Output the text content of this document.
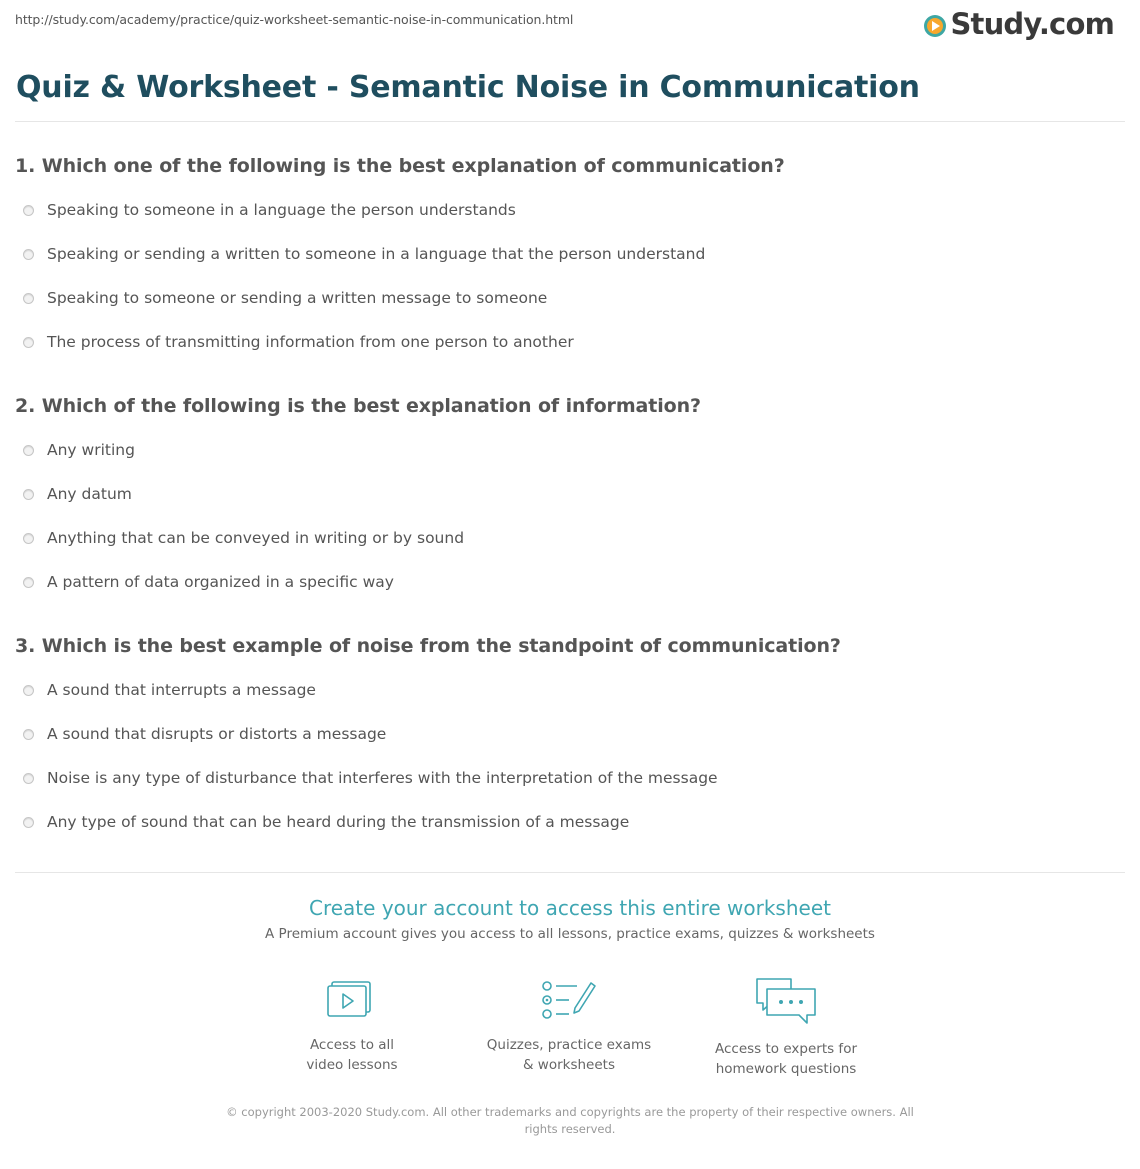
http://study.com/academy/practice/quiz-worksheet-semantic-noise-in-communication.html	Study.com
Quiz & Worksheet - Semantic Noise in Communication
1. Which one of the following is the best explanation of communication?
Speaking to someone in a language the person understands
Speaking or sending a written to someone in a language that the person understand
Speaking to someone or sending a written message to someone
The process of transmitting information from one person to another
2. Which of the following is the best explanation of information?
Any writing
Any datum
Anything that can be conveyed in writing or by sound
A pattern of data organized in a specific way
3. Which is the best example of noise from the standpoint of communication?
A sound that interrupts a message
A sound that disrupts or distorts a message
Noise is any type of disturbance that interferes with the interpretation of the message
Any type of sound that can be heard during the transmission of a message
Create your account to access this entire worksheet
A Premium account gives you access to all lessons, practice exams, quizzes & worksheets
Access to all
video lessons
Quizzes, practice exams
& worksheets
Access to experts for
homework questions
© copyright 2003-2020 Study.com. All other trademarks and copyrights are the property of their respective owners. All rights reserved.
